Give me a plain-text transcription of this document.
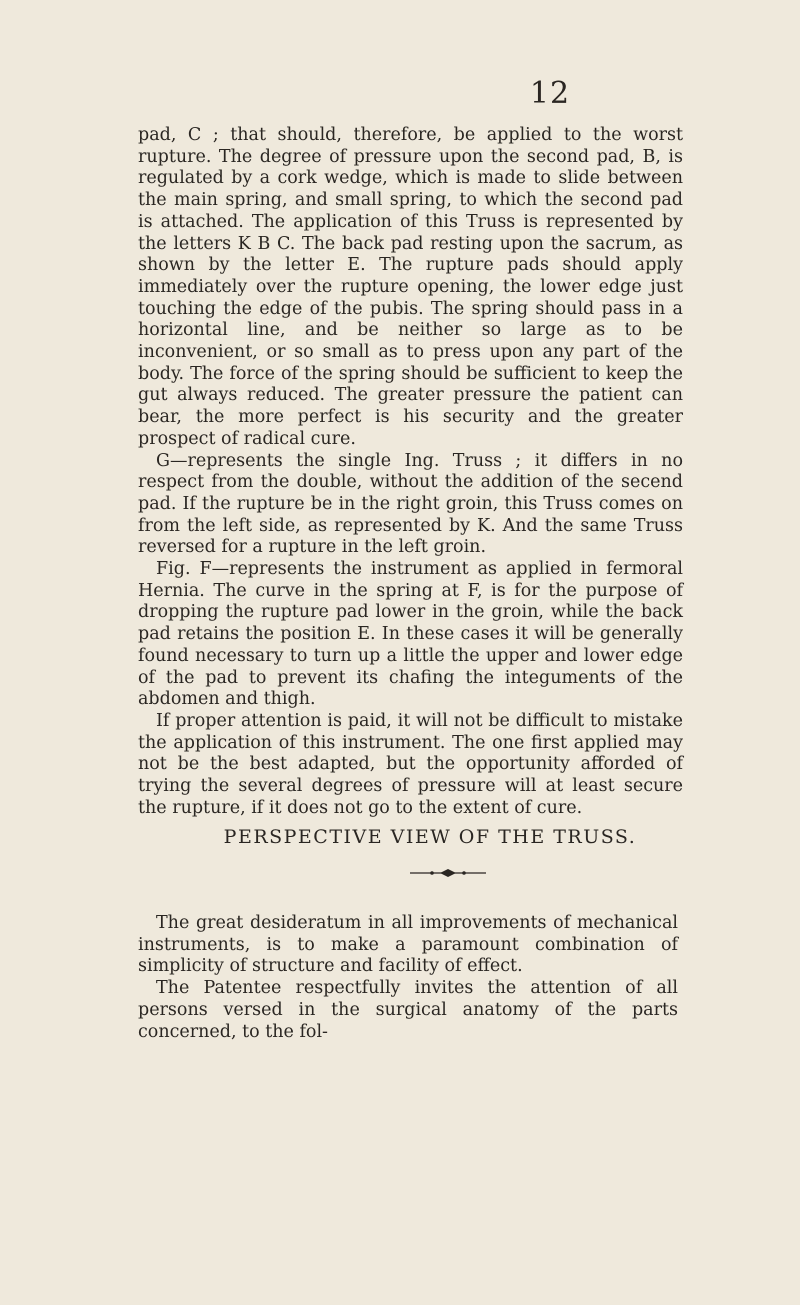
12

pad, C ; that should, therefore, be applied to the worst rupture. The degree of pressure upon the second pad, B, is regulated by a cork wedge, which is made to slide between the main spring, and small spring, to which the second pad is attached. The application of this Truss is represented by the letters K B C. The back pad resting upon the sacrum, as shown by the letter E. The rupture pads should apply immediately over the rupture opening, the lower edge just touching the edge of the pubis. The spring should pass in a horizontal line, and be neither so large as to be inconvenient, or so small as to press upon any part of the body. The force of the spring should be sufficient to keep the gut always reduced. The greater pressure the patient can bear, the more perfect is his security and the greater prospect of radical cure.

G—represents the single Ing. Truss ; it differs in no respect from the double, without the addition of the secend pad. If the rupture be in the right groin, this Truss comes on from the left side, as represented by K. And the same Truss reversed for a rupture in the left groin.

Fig. F—represents the instrument as applied in fermoral Hernia. The curve in the spring at F, is for the purpose of dropping the rupture pad lower in the groin, while the back pad retains the position E. In these cases it will be generally found necessary to turn up a little the upper and lower edge of the pad to prevent its chafing the integuments of the abdomen and thigh.

If proper attention is paid, it will not be difficult to mistake the application of this instrument. The one first applied may not be the best adapted, but the opportunity afforded of trying the several degrees of pressure will at least secure the rupture, if it does not go to the extent of cure.

PERSPECTIVE VIEW OF THE TRUSS.

The great desideratum in all improvements of mechanical instruments, is to make a paramount combination of simplicity of structure and facility of effect.

The Patentee respectfully invites the attention of all persons versed in the surgical anatomy of the parts concerned, to the fol-
